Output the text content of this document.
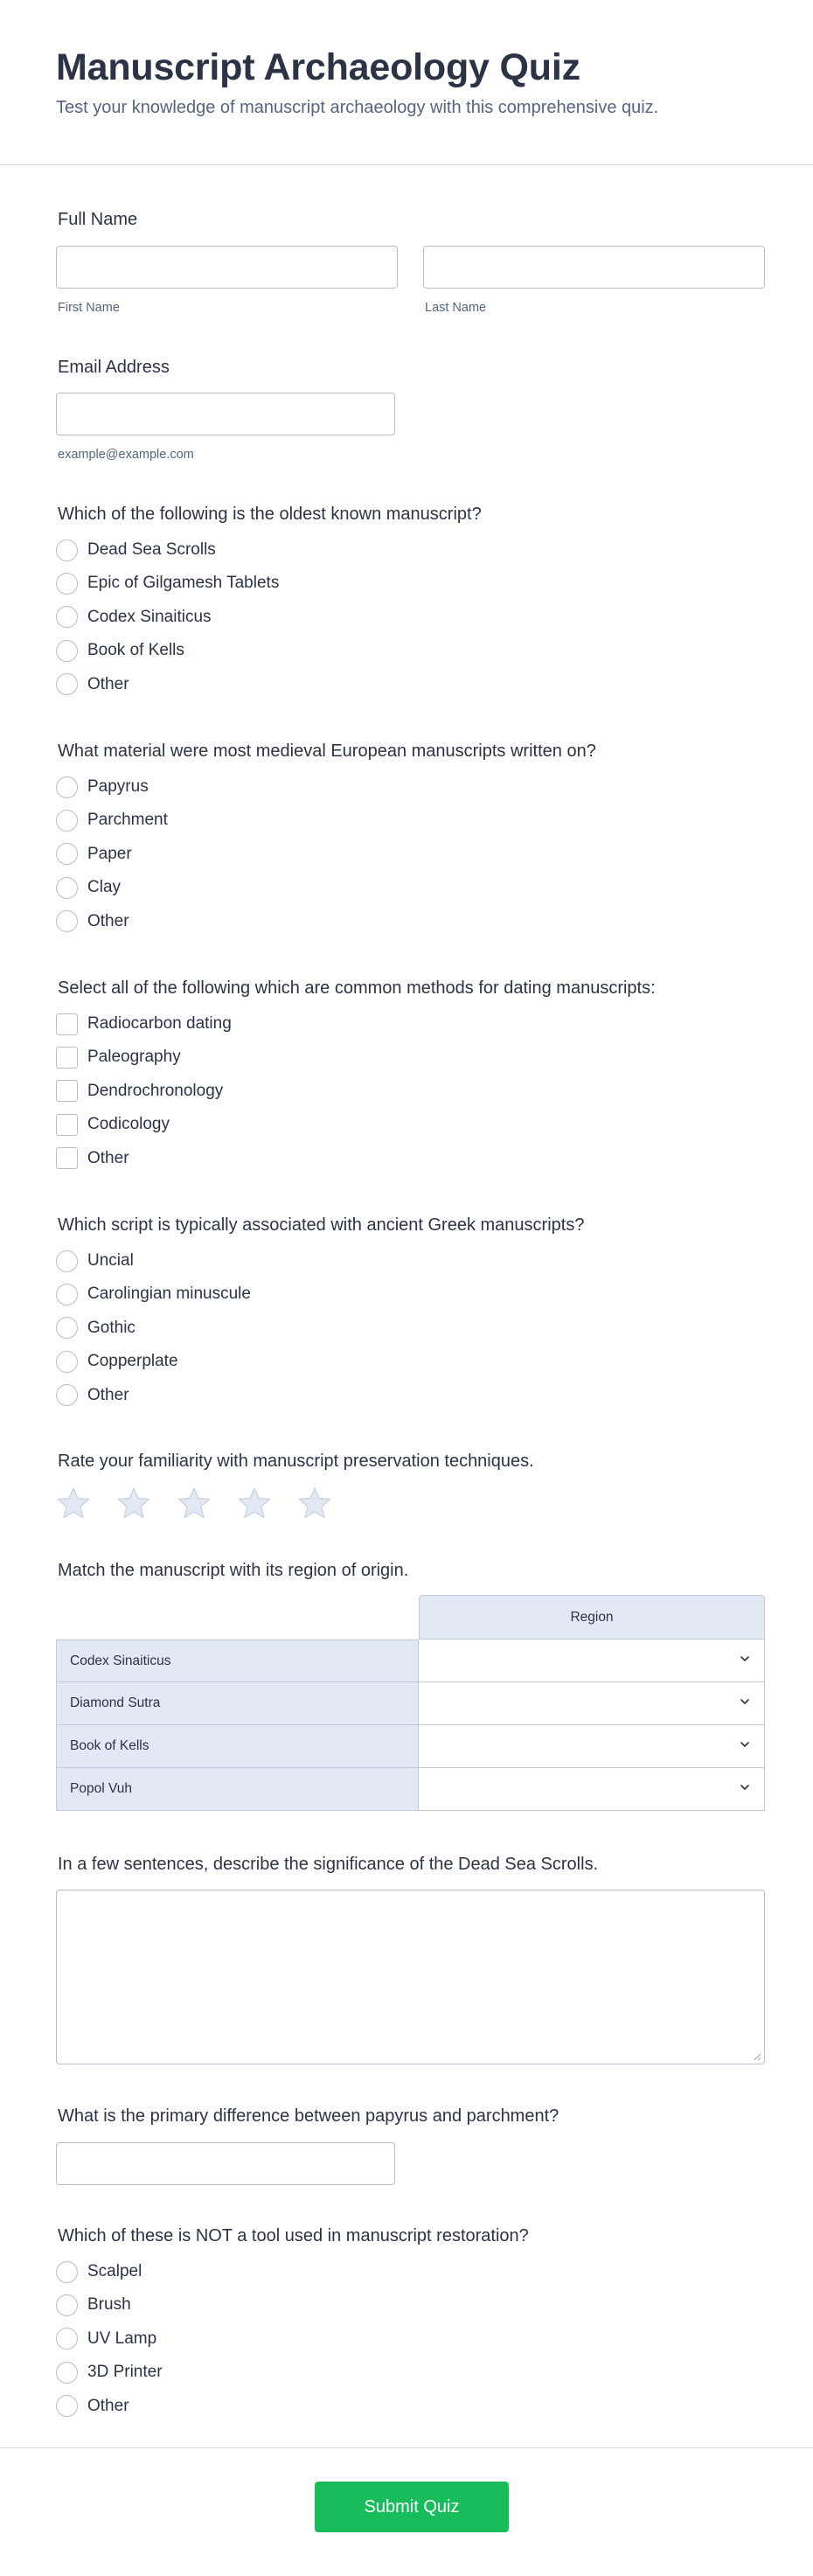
Manuscript Archaeology Quiz

Test your knowledge of manuscript archaeology with this comprehensive quiz.

Full Name
First Name	Last Name
Email Address
example@example.com
Which of the following is the oldest known manuscript?
Dead Sea Scrolls
Epic of Gilgamesh Tablets
Codex Sinaiticus
Book of Kells
Other
What material were most medieval European manuscripts written on?
Papyrus
Parchment
Paper
Clay
Other
Select all of the following which are common methods for dating manuscripts:
Radiocarbon dating
Paleography
Dendrochronology
Codicology
Other
Which script is typically associated with ancient Greek manuscripts?
Uncial
Carolingian minuscule
Gothic
Copperplate
Other
Rate your familiarity with manuscript preservation techniques.
Match the manuscript with its region of origin.
Region
Codex Sinaiticus
Diamond Sutra
Book of Kells
Popol Vuh
In a few sentences, describe the significance of the Dead Sea Scrolls.
What is the primary difference between papyrus and parchment?
Which of these is NOT a tool used in manuscript restoration?
Scalpel
Brush
UV Lamp
3D Printer
Other
Submit Quiz
